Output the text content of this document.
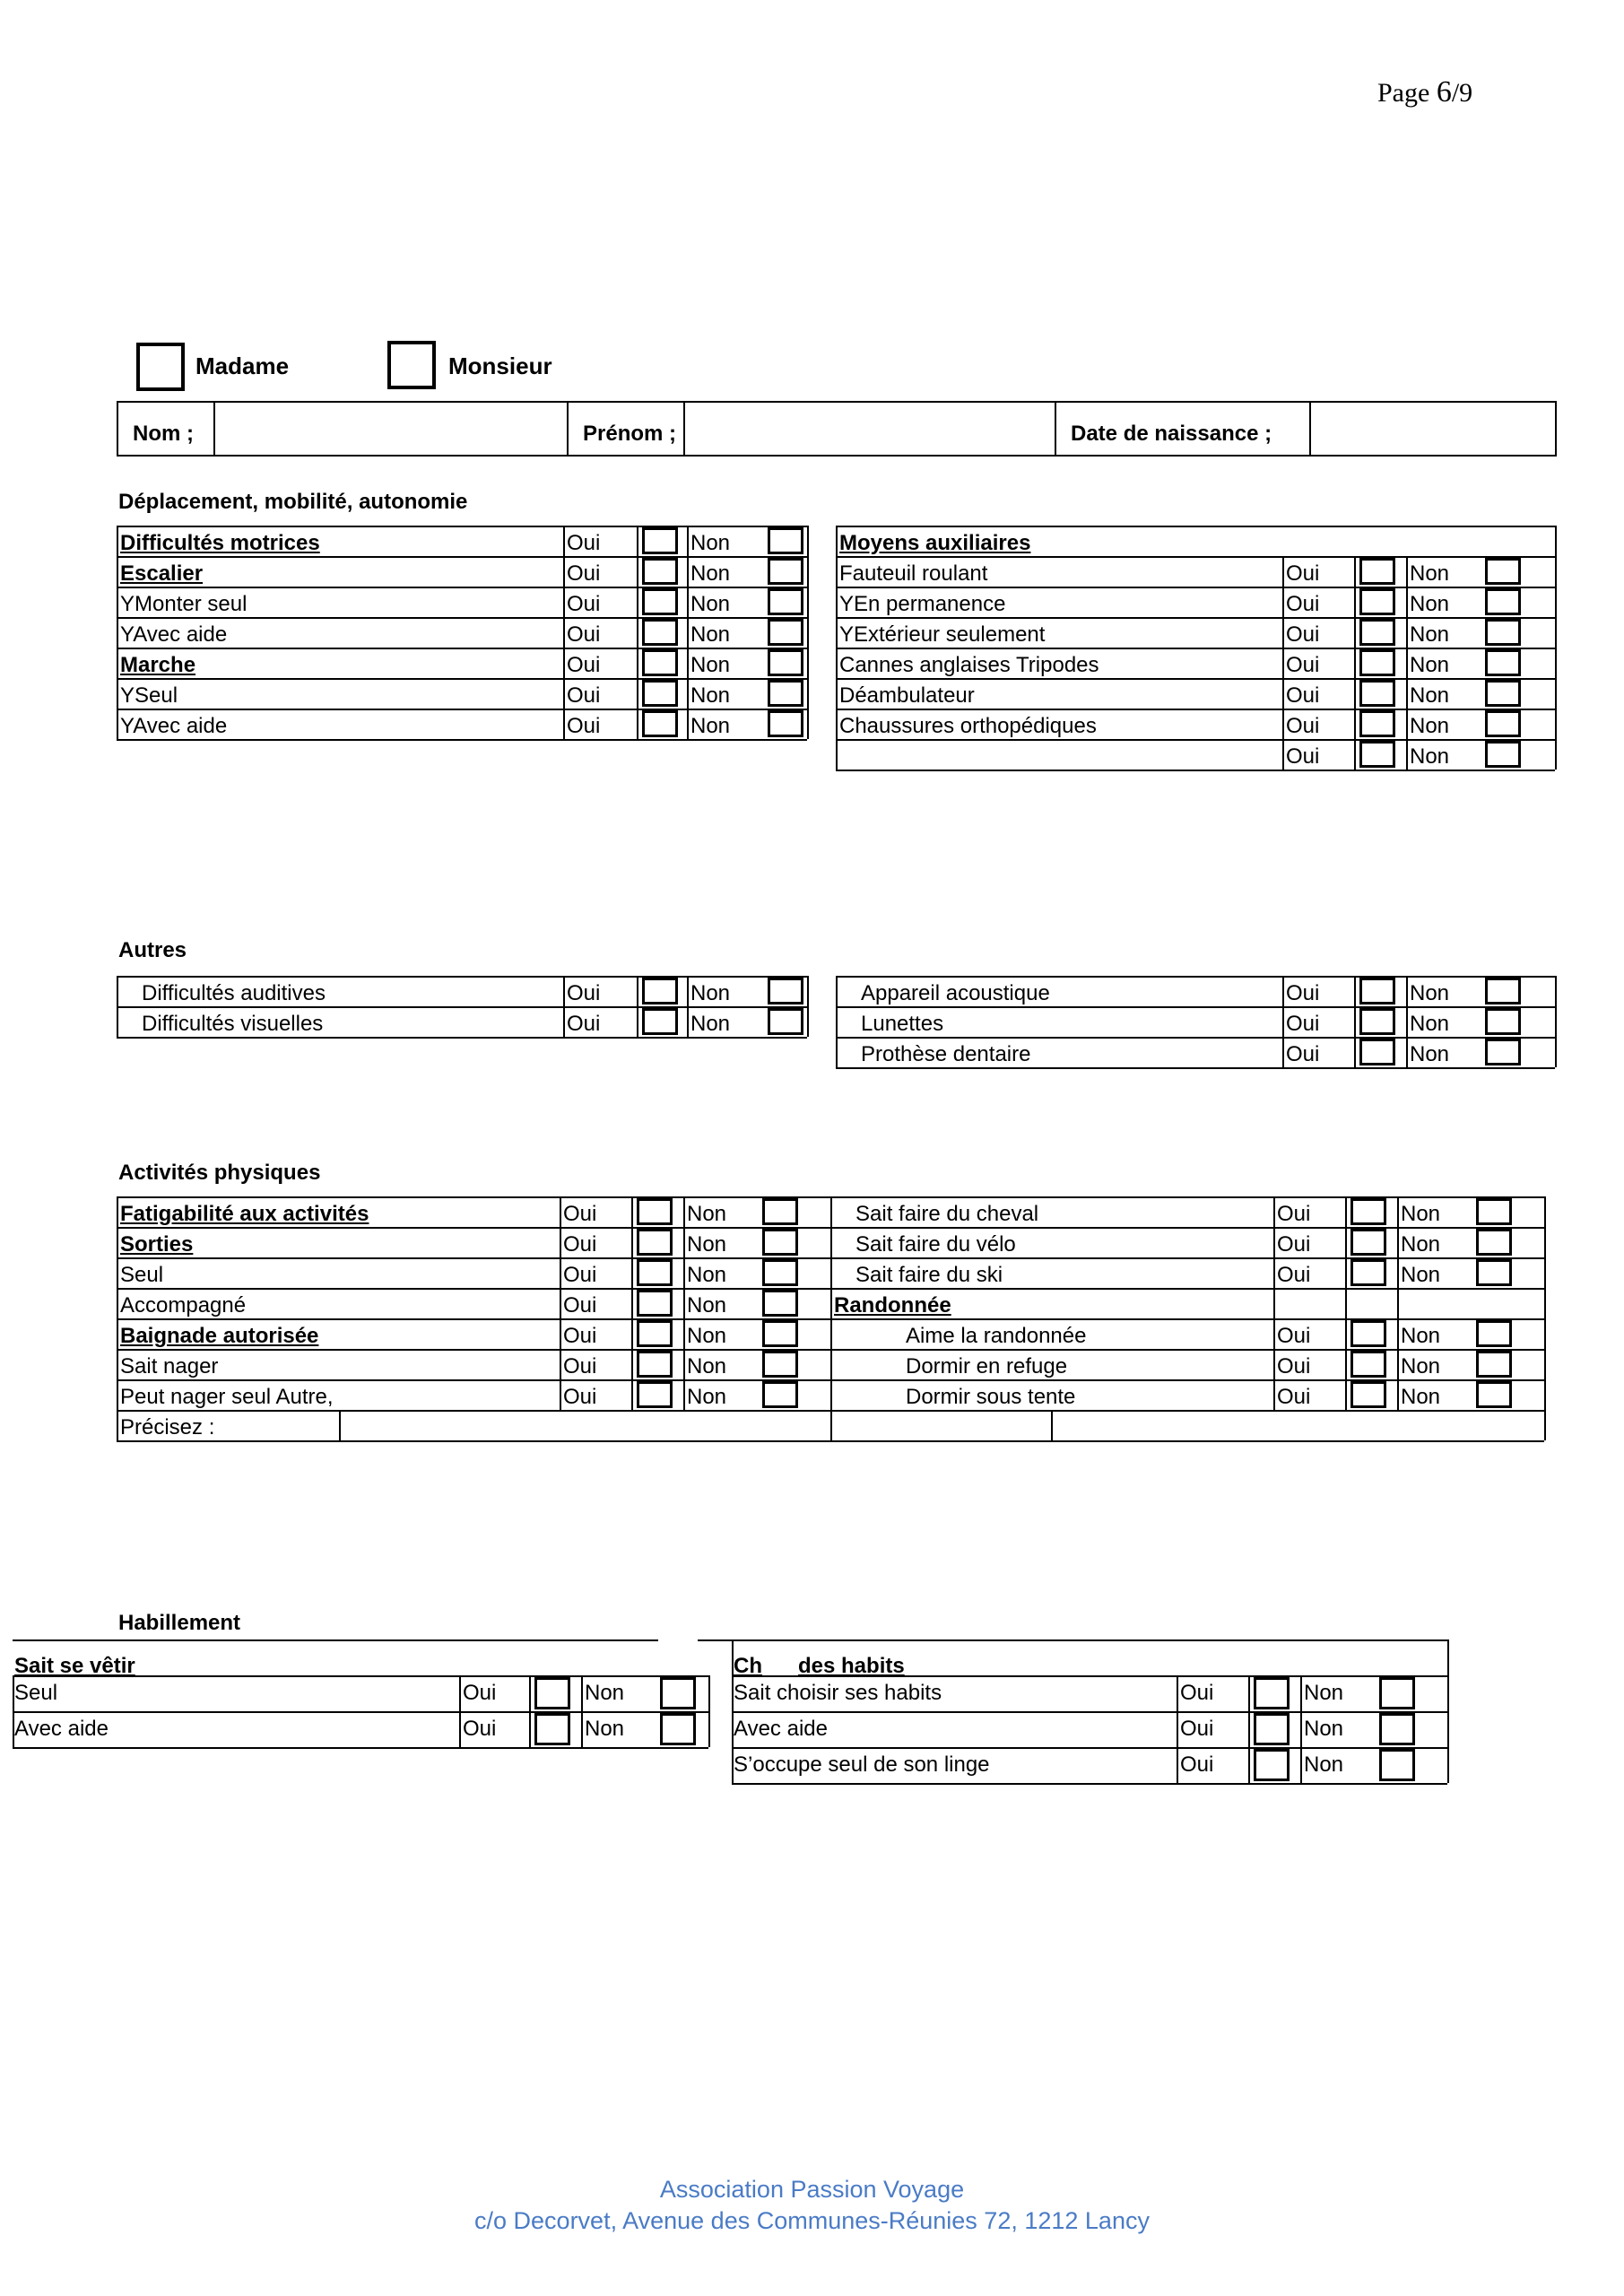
Page 6/9
Madame	Monsieur
Nom ;	Prénom ;	Date de naissance ;
Déplacement, mobilité, autonomie
Autres
Activités physiques
Habillement
Difficultés motrices	Oui	Non
Escalier	Oui	Non
YMonter seul	Oui	Non
YAvec aide	Oui	Non
Marche	Oui	Non
YSeul	Oui	Non
YAvec aide	Oui	Non
Moyens auxiliaires
Fauteuil roulant	Oui	Non
YEn permanence	Oui	Non
YExtérieur seulement	Oui	Non
Cannes anglaises Tripodes	Oui	Non
Déambulateur	Oui	Non
Chaussures orthopédiques	Oui	Non
Oui	Non
Difficultés auditives	Oui	Non
Difficultés visuelles	Oui	Non
Appareil acoustique	Oui	Non
Lunettes	Oui	Non
Prothèse dentaire	Oui	Non
Fatigabilité aux activités	Oui	Non
Sorties	Oui	Non
Seul	Oui	Non
Accompagné	Oui	Non
Baignade autorisée	Oui	Non
Sait nager	Oui	Non
Peut nager seul Autre,	Oui	Non
Sait faire du cheval	Oui	Non
Sait faire du vélo	Oui	Non
Sait faire du ski	Oui	Non
Randonnée
Aime la randonnée	Oui	Non
Dormir en refuge	Oui	Non
Dormir sous tente	Oui	Non
Précisez :
Sait se vêtir
Seul	Oui	Non
Avec aide	Oui	Non
Ch des habits
Sait choisir ses habits	Oui	Non
Avec aide	Oui	Non
S’occupe seul de son linge	Oui	Non
Association Passion Voyage
c/o Decorvet, Avenue des Communes-Réunies 72, 1212 Lancy
